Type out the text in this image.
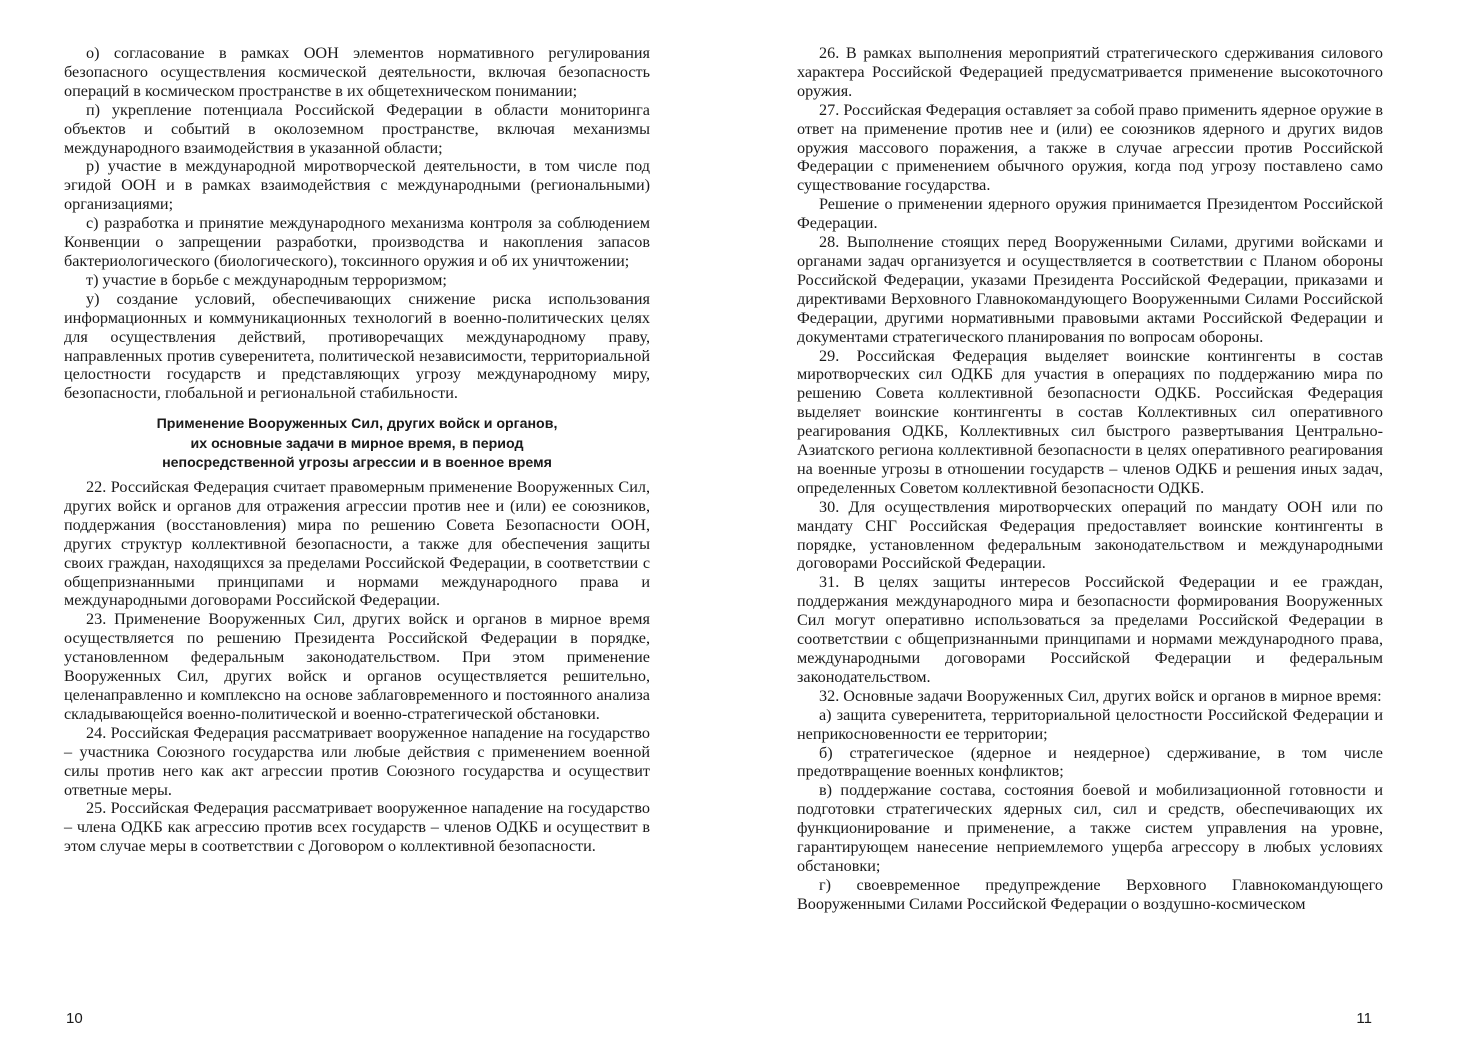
о) согласование в рамках ООН элементов нормативного регулирования безопасного осуществления космической деятельности, включая безопасность операций в космическом пространстве в их общетехническом понимании;

п) укрепление потенциала Российской Федерации в области мониторинга объектов и событий в околоземном пространстве, включая механизмы международного взаимодействия в указанной области;

р) участие в международной миротворческой деятельности, в том числе под эгидой ООН и в рамках взаимодействия с международными (региональными) организациями;

с) разработка и принятие международного механизма контроля за соблюдением Конвенции о запрещении разработки, производства и накопления запасов бактериологического (биологического), токсинного оружия и об их уничтожении;

т) участие в борьбе с международным терроризмом;

у) создание условий, обеспечивающих снижение риска использования информационных и коммуникационных технологий в военно-политических целях для осуществления действий, противоречащих международному праву, направленных против суверенитета, политической независимости, территориальной целостности государств и представляющих угрозу международному миру, безопасности, глобальной и региональной стабильности.

Применение Вооруженных Сил, других войск и органов,
их основные задачи в мирное время, в период
непосредственной угрозы агрессии и в военное время

22. Российская Федерация считает правомерным применение Вооруженных Сил, других войск и органов для отражения агрессии против нее и (или) ее союзников, поддержания (восстановления) мира по решению Совета Безопасности ООН, других структур коллективной безопасности, а также для обеспечения защиты своих граждан, находящихся за пределами Российской Федерации, в соответствии с общепризнанными принципами и нормами международного права и международными договорами Российской Федерации.

23. Применение Вооруженных Сил, других войск и органов в мирное время осуществляется по решению Президента Российской Федерации в порядке, установленном федеральным законодательством. При этом применение Вооруженных Сил, других войск и органов осуществляется решительно, целенаправленно и комплексно на основе заблаговременного и постоянного анализа складывающейся военно-политической и военно-стратегической обстановки.

24. Российская Федерация рассматривает вооруженное нападение на государство – участника Союзного государства или любые действия с применением военной силы против него как акт агрессии против Союзного государства и осуществит ответные меры.

25. Российская Федерация рассматривает вооруженное нападение на государство – члена ОДКБ как агрессию против всех государств – членов ОДКБ и осуществит в этом случае меры в соответствии с Договором о коллективной безопасности.

10

26. В рамках выполнения мероприятий стратегического сдерживания силового характера Российской Федерацией предусматривается применение высокоточного оружия.

27. Российская Федерация оставляет за собой право применить ядерное оружие в ответ на применение против нее и (или) ее союзников ядерного и других видов оружия массового поражения, а также в случае агрессии против Российской Федерации с применением обычного оружия, когда под угрозу поставлено само существование государства.

Решение о применении ядерного оружия принимается Президентом Российской Федерации.

28. Выполнение стоящих перед Вооруженными Силами, другими войсками и органами задач организуется и осуществляется в соответствии с Планом обороны Российской Федерации, указами Президента Российской Федерации, приказами и директивами Верховного Главнокомандующего Вооруженными Силами Российской Федерации, другими нормативными правовыми актами Российской Федерации и документами стратегического планирования по вопросам обороны.

29. Российская Федерация выделяет воинские контингенты в состав миротворческих сил ОДКБ для участия в операциях по поддержанию мира по решению Совета коллективной безопасности ОДКБ. Российская Федерация выделяет воинские контингенты в состав Коллективных сил оперативного реагирования ОДКБ, Коллективных сил быстрого развертывания Центрально-Азиатского региона коллективной безопасности в целях оперативного реагирования на военные угрозы в отношении государств – членов ОДКБ и решения иных задач, определенных Советом коллективной безопасности ОДКБ.

30. Для осуществления миротворческих операций по мандату ООН или по мандату СНГ Российская Федерация предоставляет воинские контингенты в порядке, установленном федеральным законодательством и международными договорами Российской Федерации.

31. В целях защиты интересов Российской Федерации и ее граждан, поддержания международного мира и безопасности формирования Вооруженных Сил могут оперативно использоваться за пределами Российской Федерации в соответствии с общепризнанными принципами и нормами международного права, международными договорами Российской Федерации и федеральным законодательством.

32. Основные задачи Вооруженных Сил, других войск и органов в мирное время:

а) защита суверенитета, территориальной целостности Российской Федерации и неприкосновенности ее территории;

б) стратегическое (ядерное и неядерное) сдерживание, в том числе предотвращение военных конфликтов;

в) поддержание состава, состояния боевой и мобилизационной готовности и подготовки стратегических ядерных сил, сил и средств, обеспечивающих их функционирование и применение, а также систем управления на уровне, гарантирующем нанесение неприемлемого ущерба агрессору в любых условиях обстановки;

г) своевременное предупреждение Верховного Главнокомандующего Вооруженными Силами Российской Федерации о воздушно-космическом

11
